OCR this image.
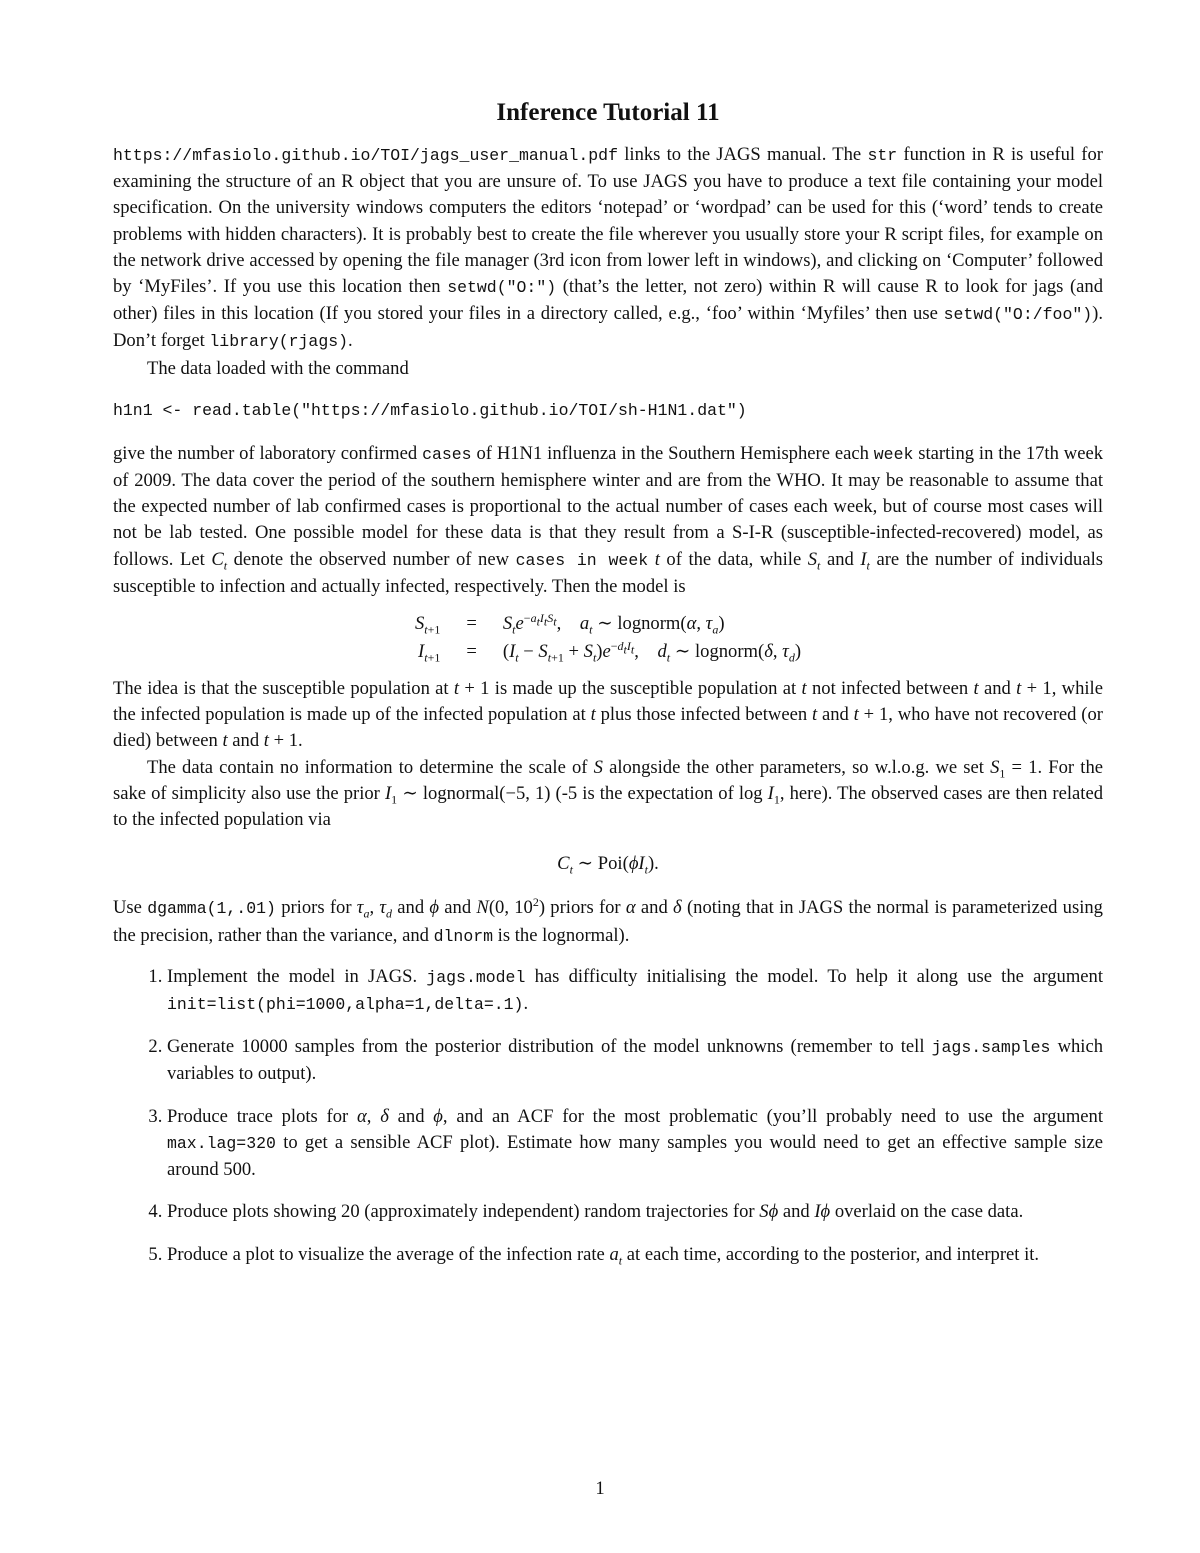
Inference Tutorial 11

https://mfasiolo.github.io/TOI/jags_user_manual.pdf links to the JAGS manual. The str function in R is useful for examining the structure of an R object that you are unsure of. To use JAGS you have to produce a text file containing your model specification. On the university windows computers the editors ‘notepad’ or ‘wordpad’ can be used for this (‘word’ tends to create problems with hidden characters). It is probably best to create the file wherever you usually store your R script files, for example on the network drive accessed by opening the file manager (3rd icon from lower left in windows), and clicking on ‘Computer’ followed by ‘MyFiles’. If you use this location then setwd("O:") (that’s the letter, not zero) within R will cause R to look for jags (and other) files in this location (If you stored your files in a directory called, e.g., ‘foo’ within ‘Myfiles’ then use setwd("O:/foo")). Don’t forget library(rjags).

The data loaded with the command

h1n1 <- read.table("https://mfasiolo.github.io/TOI/sh-H1N1.dat")

give the number of laboratory confirmed cases of H1N1 influenza in the Southern Hemisphere each week starting in the 17th week of 2009. The data cover the period of the southern hemisphere winter and are from the WHO. It may be reasonable to assume that the expected number of lab confirmed cases is proportional to the actual number of cases each week, but of course most cases will not be lab tested. One possible model for these data is that they result from a S-I-R (susceptible-infected-recovered) model, as follows. Let $C_t$ denote the observed number of new cases in week t of the data, while $S_t$ and $I_t$ are the number of individuals susceptible to infection and actually infected, respectively. Then the model is

$S_{t+1}$	=	$S_te^{-a_tI_tS_t}$,    $a_t$ ∼ lognorm(α, $\tau_a$)
$I_{t+1}$	=	$(I_t - S_{t+1} + S_t)e^{-d_tI_t}$,    $d_t$ ∼ lognorm(δ, $\tau_d$)

The idea is that the susceptible population at t + 1 is made up the susceptible population at t not infected between t and t + 1, while the infected population is made up of the infected population at t plus those infected between t and t + 1, who have not recovered (or died) between t and t + 1.

The data contain no information to determine the scale of S alongside the other parameters, so w.l.o.g. we set $S_1 = 1$. For the sake of simplicity also use the prior $I_1$ ∼ lognormal(−5, 1) (-5 is the expectation of $\log I_1$, here). The observed cases are then related to the infected population via

$C_t$ ∼ $Poi(\phi I_t)$.

Use dgamma(1,.01) priors for $\tau_a$, $\tau_d$ and ϕ and N(0, $10^2$) priors for α and δ (noting that in JAGS the normal is parameterized using the precision, rather than the variance, and dlnorm is the lognormal).

1. Implement the model in JAGS. jags.model has difficulty initialising the model. To help it along use the argument init=list(phi=1000,alpha=1,delta=.1).
2. Generate 10000 samples from the posterior distribution of the model unknowns (remember to tell jags.samples which variables to output).
3. Produce trace plots for α, δ and ϕ, and an ACF for the most problematic (you’ll probably need to use the argument max.lag=320 to get a sensible ACF plot). Estimate how many samples you would need to get an effective sample size around 500.
4. Produce plots showing 20 (approximately independent) random trajectories for Sϕ and Iϕ overlaid on the case data.
5. Produce a plot to visualize the average of the infection rate $a_t$ at each time, according to the posterior, and interpret it.
1
